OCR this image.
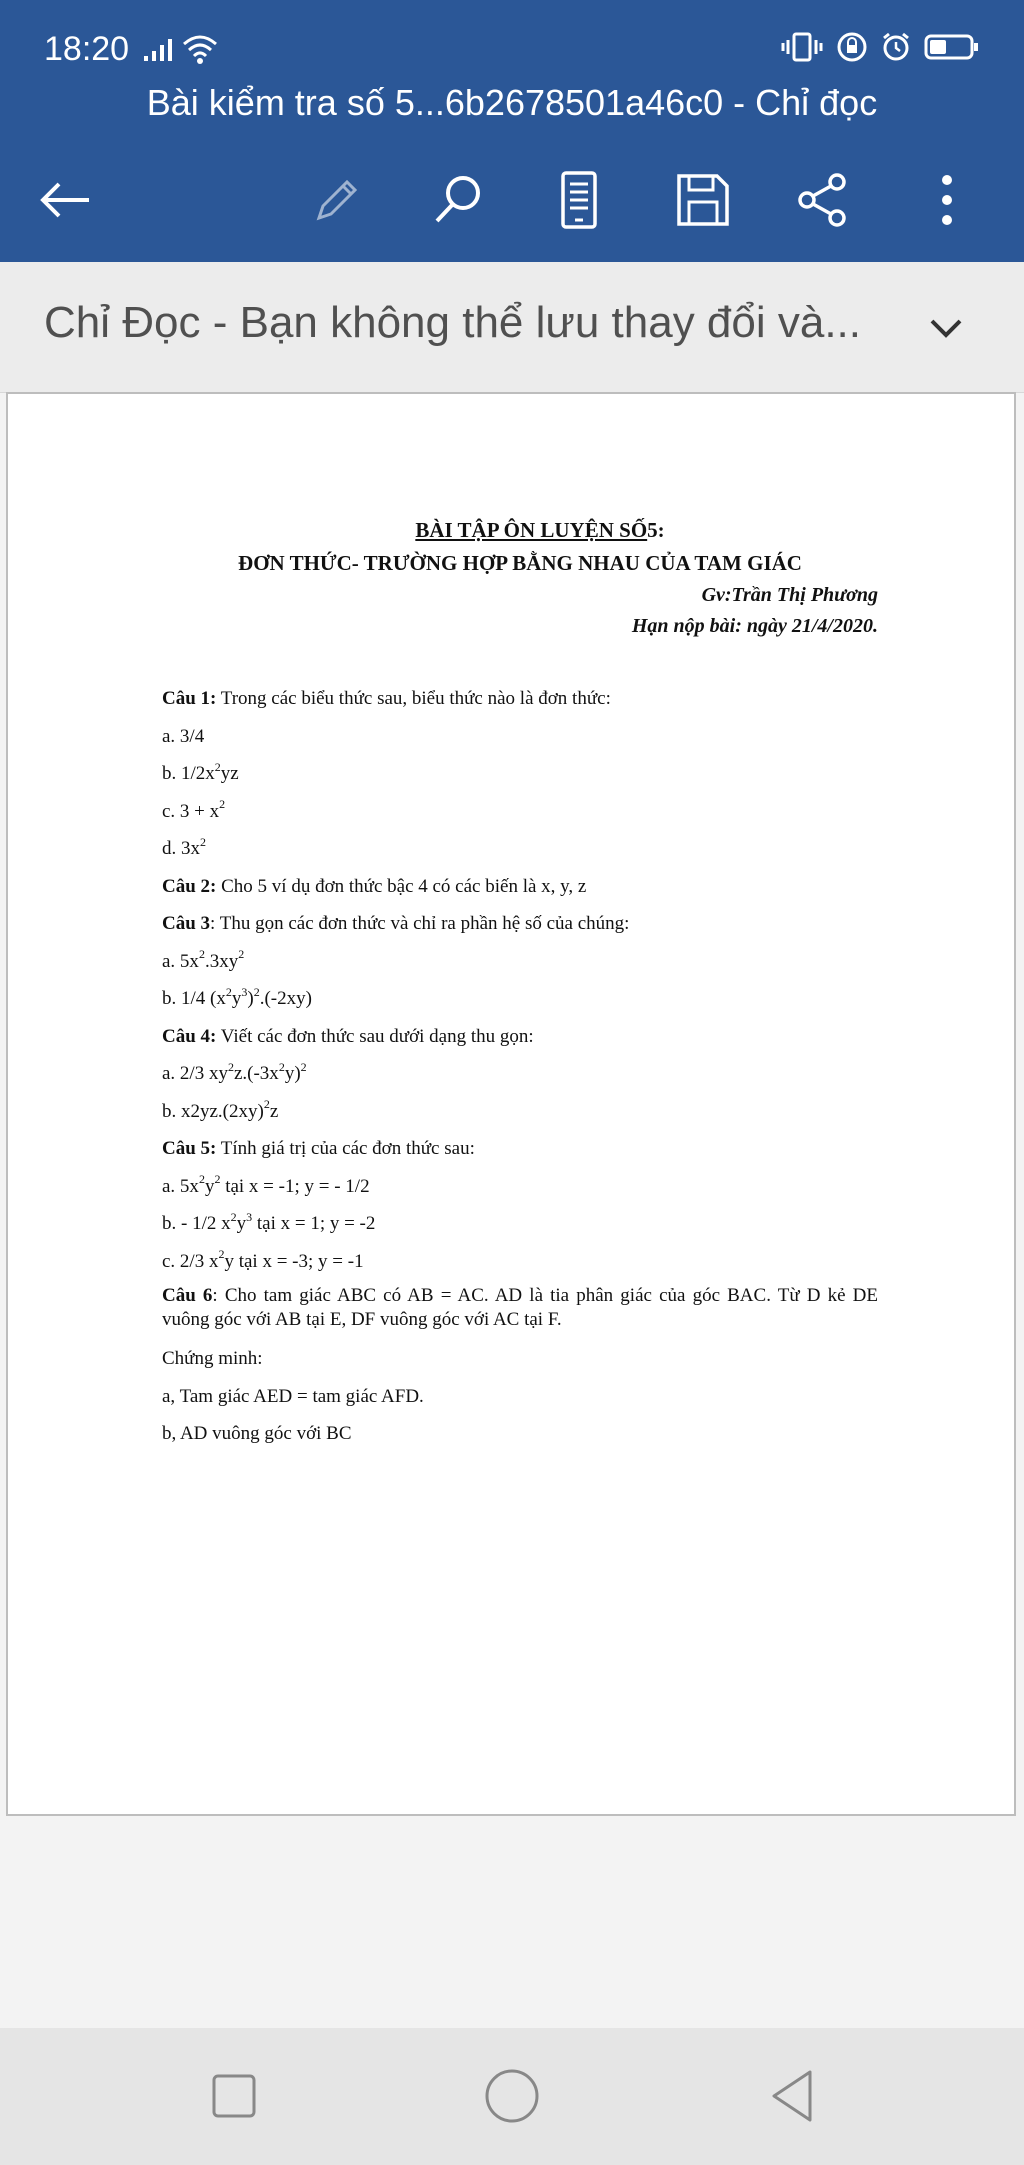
18:20
Bài kiểm tra số 5...6b2678501a46c0 - Chỉ đọc
Chỉ Đọc - Bạn không thể lưu thay đổi và...
BÀI TẬP ÔN LUYỆN SỐ5:
ĐƠN THỨC- TRƯỜNG HỢP BẰNG NHAU CỦA TAM GIÁC
Gv:Trần Thị Phương
Hạn nộp bài: ngày 21/4/2020.

Câu 1: Trong các biểu thức sau, biểu thức nào là đơn thức:

a. 3/4

b. $1/2x^2yz$

c. $3 + x^2$

d. $3x^2$

Câu 2: Cho 5 ví dụ đơn thức bậc 4 có các biến là x, y, z

Câu 3: Thu gọn các đơn thức và chỉ ra phần hệ số của chúng:

a. $5x^2.3xy^2$

b. 1/4 $(x^2y^3)^2.(-2xy)$

Câu 4: Viết các đơn thức sau dưới dạng thu gọn:

a. 2/3 $xy^2z.(-3x^2y)^2$

b. $x2yz.(2xy)^2z$

Câu 5: Tính giá trị của các đơn thức sau:

a. $5x^2y^2$ tại x = -1; y = - 1/2

b. - 1/2 $x^2y^3$ tại x = 1; y = -2

c. 2/3 $x^2y$ tại x = -3; y = -1

Câu 6: Cho tam giác ABC có AB = AC. AD là tia phân giác của góc BAC. Từ D kẻ DE vuông góc với AB tại E, DF vuông góc với AC tại F.

Chứng minh:

a, Tam giác AED = tam giác AFD.

b, AD vuông góc với BC
